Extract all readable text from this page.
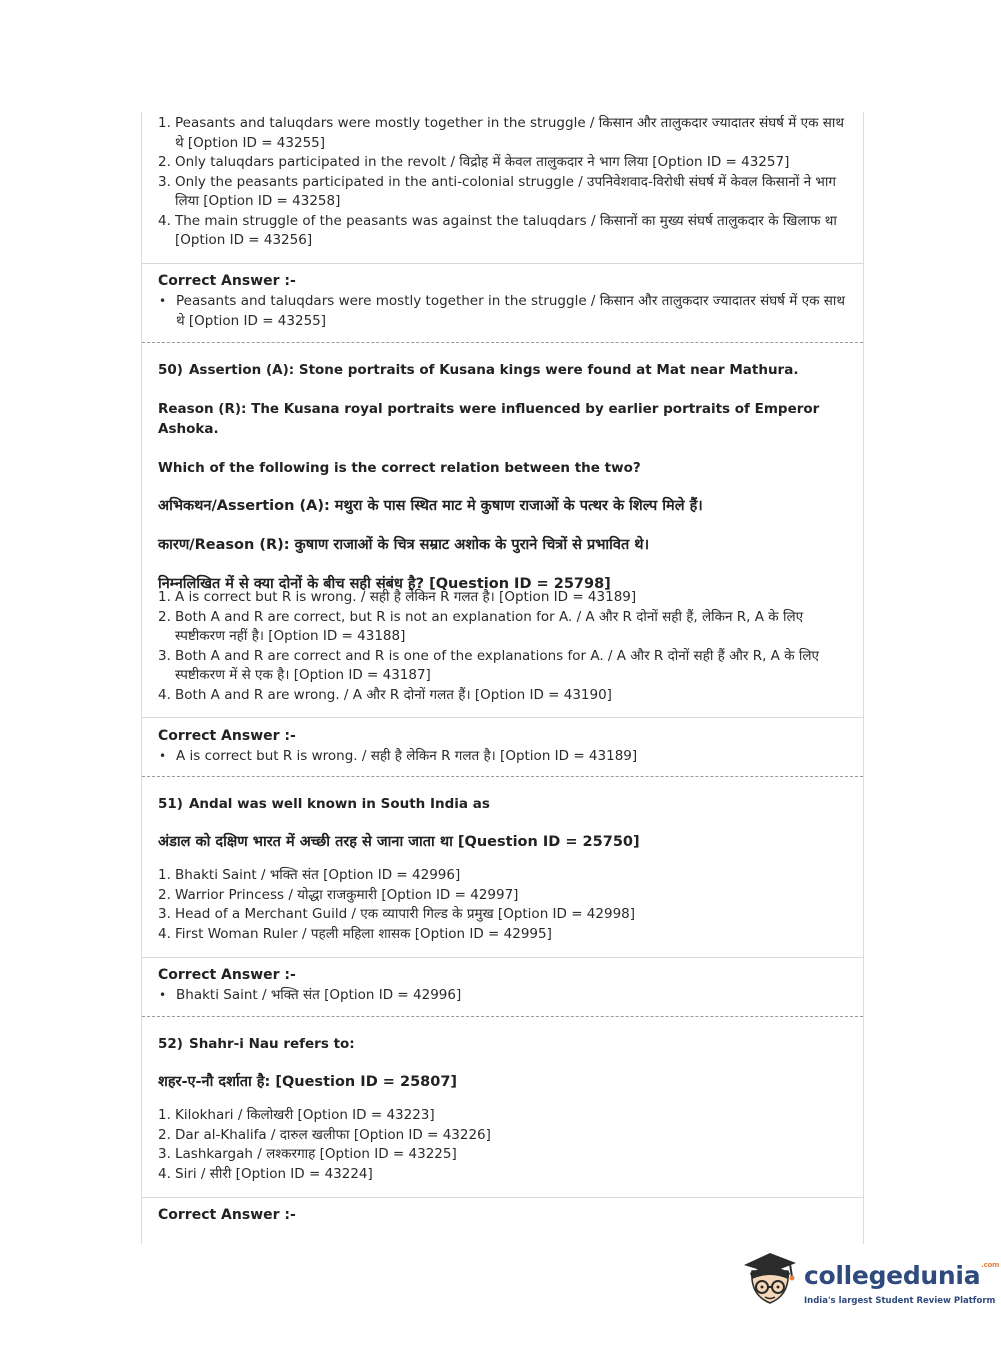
1. Peasants and taluqdars were mostly together in the struggle / किसान और तालुकदार ज्यादातर संघर्ष में एक साथ थे [Option ID = 43255]
2. Only taluqdars participated in the revolt / विद्रोह में केवल तालुकदार ने भाग लिया [Option ID = 43257]
3. Only the peasants participated in the anti-colonial struggle / उपनिवेशवाद-विरोधी संघर्ष में केवल किसानों ने भाग लिया [Option ID = 43258]
4. The main struggle of the peasants was against the taluqdars / किसानों का मुख्य संघर्ष तालुकदार के खिलाफ था [Option ID = 43256]
Correct Answer :-
• Peasants and taluqdars were mostly together in the struggle / किसान और तालुकदार ज्यादातर संघर्ष में एक साथ थे [Option ID = 43255]
50) Assertion (A): Stone portraits of Kusana kings were found at Mat near Mathura.
Reason (R): The Kusana royal portraits were influenced by earlier portraits of Emperor Ashoka.
Which of the following is the correct relation between the two?
अभिकथन/Assertion (A): मथुरा के पास स्थित माट मे कुषाण राजाओं के पत्थर के शिल्प मिले हैं।
कारण/Reason (R): कुषाण राजाओं के चित्र सम्राट अशोक के पुराने चित्रों से प्रभावित थे।
निम्नलिखित में से क्या दोनों के बीच सही संबंध है? [Question ID = 25798]
1. A is correct but R is wrong. / सही है लेकिन R गलत है। [Option ID = 43189]
2. Both A and R are correct, but R is not an explanation for A. / A और R दोनों सही हैं, लेकिन R, A के लिए स्पष्टीकरण नहीं है। [Option ID = 43188]
3. Both A and R are correct and R is one of the explanations for A. / A और R दोनों सही हैं और R, A के लिए स्पष्टीकरण में से एक है। [Option ID = 43187]
4. Both A and R are wrong. / A और R दोनों गलत हैं। [Option ID = 43190]
Correct Answer :-
• A is correct but R is wrong. / सही है लेकिन R गलत है। [Option ID = 43189]
51) Andal was well known in South India as
अंडाल को दक्षिण भारत में अच्छी तरह से जाना जाता था [Question ID = 25750]
1. Bhakti Saint / भक्ति संत [Option ID = 42996]
2. Warrior Princess / योद्धा राजकुमारी [Option ID = 42997]
3. Head of a Merchant Guild / एक व्यापारी गिल्ड के प्रमुख [Option ID = 42998]
4. First Woman Ruler / पहली महिला शासक [Option ID = 42995]
Correct Answer :-
• Bhakti Saint / भक्ति संत [Option ID = 42996]
52) Shahr-i Nau refers to:
शहर-ए-नौ दर्शाता है: [Question ID = 25807]
1. Kilokhari / किलोखरी [Option ID = 43223]
2. Dar al-Khalifa / दारुल खलीफा [Option ID = 43226]
3. Lashkargah / लश्करगाह [Option ID = 43225]
4. Siri / सीरी [Option ID = 43224]
Correct Answer :-
collegedunia$^{.com}$
India's largest Student Review Platform
